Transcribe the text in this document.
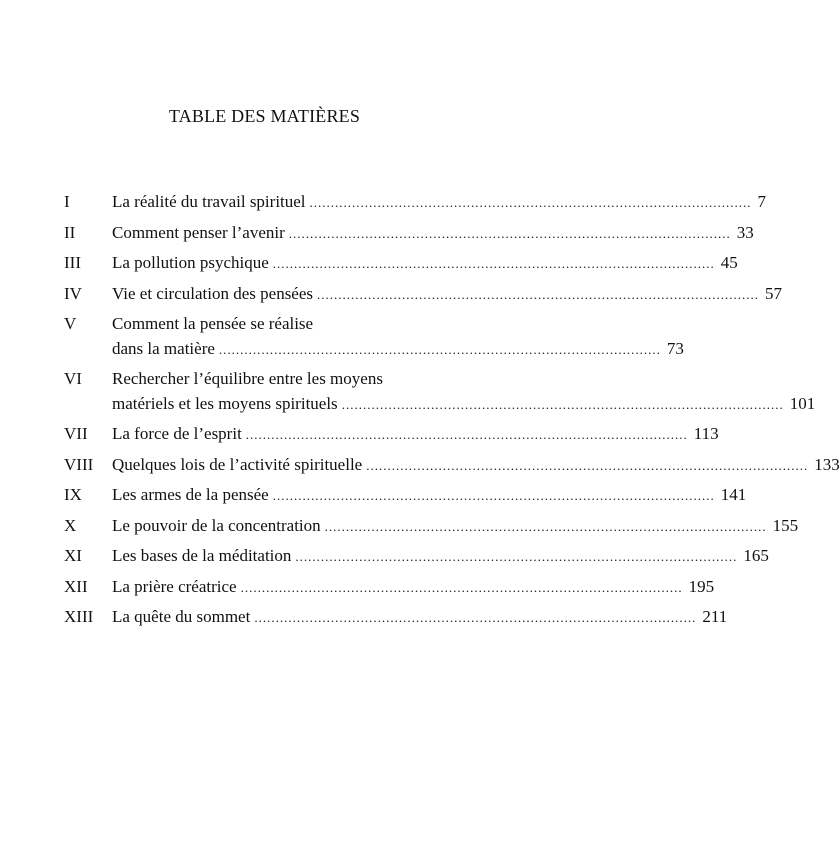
TABLE DES MATIÈRES
I	La réalité du travail spirituel .....	7
II	Comment penser l’avenir .....	33
III	La pollution psychique .....	45
IV	Vie et circulation des pensées .....	57
V	Comment la pensée se réalise
dans la matière .....	73
VI	Rechercher l’équilibre entre les moyens
matériels et les moyens spirituels .....	101
VII	La force de l’esprit .....	113
VIII	Quelques lois de l’activité spirituelle .....	133
IX	Les armes de la pensée .....	141
X	Le pouvoir de la concentration .....	155
XI	Les bases de la méditation .....	165
XII	La prière créatrice .....	195
XIII	La quête du sommet .....	211
